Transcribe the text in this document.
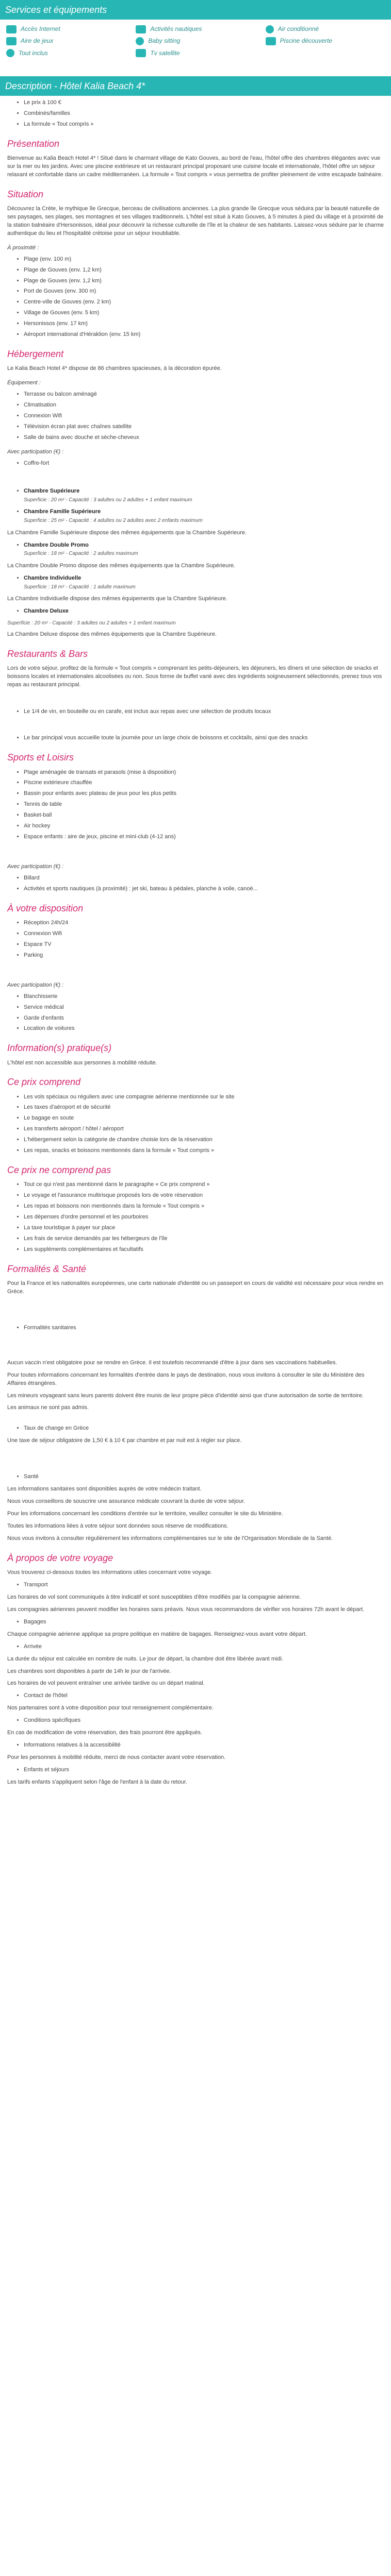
Services et équipements
Accès Internet	Activités nautiques	Air conditionné
Aire de jeux	Baby sitting	Piscine découverte
Tout inclus	Tv satellite
Description - Hôtel Kalia Beach 4*
• Le prix à 100 €
• Combinés/familles
• La formule « Tout compris »
Présentation

Bienvenue au Kalia Beach Hotel 4* ! Situé dans le charmant village de Kato Gouves, au bord de l'eau, l'hôtel offre des chambres élégantes avec vue sur la mer ou les jardins. Avec une piscine extérieure et un restaurant principal proposant une cuisine locale et internationale, l'hôtel offre un séjour relaxant et confortable dans un cadre méditerranéen. La formule « Tout compris » vous permettra de profiter pleinement de votre escapade balnéaire.

Situation

Découvrez la Crète, le mythique île Grecque, berceau de civilisations anciennes. La plus grande île Grecque vous séduira par la beauté naturelle de ses paysages, ses plages, ses montagnes et ses villages traditionnels. L'hôtel est situé à Kato Gouves, à 5 minutes à pied du village et à proximité de la station balnéaire d'Hersonissos, idéal pour découvrir la richesse culturelle de l'île et la chaleur de ses habitants. Laissez-vous séduire par le charme authentique du lieu et l'hospitalité crétoise pour un séjour inoubliable.

À proximité :
• Plage (env. 100 m)
• Plage de Gouves (env. 1,2 km)
• Plage de Gouves (env. 1,2 km)
• Port de Gouves (env. 300 m)
• Centre-ville de Gouves (env. 2 km)
• Village de Gouves (env. 5 km)
• Hersonissos (env. 17 km)
• Aéroport international d'Héraklion (env. 15 km)
Hébergement

Le Kalia Beach Hotel 4* dispose de 86 chambres spacieuses, à la décoration épurée.

Équipement :
• Terrasse ou balcon aménagé
• Climatisation
• Connexion Wifi
• Télévision écran plat avec chaînes satellite
• Salle de bains avec douche et sèche-cheveux
Avec participation (€) :
• Coffre-fort
• Chambre Supérieure
Superficie : 20 m² - Capacité : 3 adultes ou 2 adultes + 1 enfant maximum
• Chambre Famille Supérieure
Superficie : 25 m² - Capacité : 4 adultes ou 2 adultes avec 2 enfants maximum

La Chambre Famille Supérieure dispose des mêmes équipements que la Chambre Supérieure.

• Chambre Double Promo
Superficie : 18 m² - Capacité : 2 adultes maximum

La Chambre Double Promo dispose des mêmes équipements que la Chambre Supérieure.

• Chambre Individuelle
Superficie : 18 m² - Capacité : 1 adulte maximum

La Chambre Individuelle dispose des mêmes équipements que la Chambre Supérieure.

• Chambre Deluxe
Superficie : 20 m² - Capacité : 3 adultes ou 2 adultes + 1 enfant maximum

La Chambre Deluxe dispose des mêmes équipements que la Chambre Supérieure.

Restaurants & Bars

Lors de votre séjour, profitez de la formule « Tout compris » comprenant les petits-déjeuners, les déjeuners, les dîners et une sélection de snacks et boissons locales et internationales alcoolisées ou non. Sous forme de buffet varié avec des ingrédients soigneusement sélectionnés, prenez tous vos repas au restaurant principal.

• Le 1/4 de vin, en bouteille ou en carafe, est inclus aux repas avec une sélection de produits locaux
• Le bar principal vous accueille toute la journée pour un large choix de boissons et cocktails, ainsi que des snacks
Sports et Loisirs
• Plage aménagée de transats et parasols (mise à disposition)
• Piscine extérieure chauffée
• Bassin pour enfants avec plateau de jeux pour les plus petits
• Tennis de table
• Basket-ball
• Air hockey
• Espace enfants : aire de jeux, piscine et mini-club (4-12 ans)
Avec participation (€) :
• Billard
• Activités et sports nautiques (à proximité) : jet ski, bateau à pédales, planche à voile, canoë...
À votre disposition
• Réception 24h/24
• Connexion Wifi
• Espace TV
• Parking
Avec participation (€) :
• Blanchisserie
• Service médical
• Garde d'enfants
• Location de voitures
Information(s) pratique(s)

L'hôtel est non accessible aux personnes à mobilité réduite.

Ce prix comprend
• Les vols spéciaux ou réguliers avec une compagnie aérienne mentionnée sur le site
• Les taxes d'aéroport et de sécurité
• Le bagage en soute
• Les transferts aéroport / hôtel / aéroport
• L'hébergement selon la catégorie de chambre choisie lors de la réservation
• Les repas, snacks et boissons mentionnés dans la formule « Tout compris »
Ce prix ne comprend pas
• Tout ce qui n'est pas mentionné dans le paragraphe « Ce prix comprend »
• Le voyage et l'assurance multirisque proposés lors de votre réservation
• Les repas et boissons non mentionnés dans la formule « Tout compris »
• Les dépenses d'ordre personnel et les pourboires
• La taxe touristique à payer sur place
• Les frais de service demandés par les hébergeurs de l'île
• Les suppléments complémentaires et facultatifs
Formalités & Santé

Pour la France et les nationalités européennes, une carte nationale d'identité ou un passeport en cours de validité est nécessaire pour vous rendre en Grèce.

• Formalités sanitaires

Aucun vaccin n'est obligatoire pour se rendre en Grèce. Il est toutefois recommandé d'être à jour dans ses vaccinations habituelles.

Pour toutes informations concernant les formalités d'entrée dans le pays de destination, nous vous invitons à consulter le site du Ministère des Affaires étrangères.

Les mineurs voyageant sans leurs parents doivent être munis de leur propre pièce d'identité ainsi que d'une autorisation de sortie de territoire.

Les animaux ne sont pas admis.

• Taux de change en Grèce

Une taxe de séjour obligatoire de 1,50 € à 10 € par chambre et par nuit est à régler sur place.

• Santé

Les informations sanitaires sont disponibles auprès de votre médecin traitant.

Nous vous conseillons de souscrire une assurance médicale couvrant la durée de votre séjour.

Pour les informations concernant les conditions d'entrée sur le territoire, veuillez consulter le site du Ministère.

Toutes les informations liées à votre séjour sont données sous réserve de modifications.

Nous vous invitons à consulter régulièrement les informations complémentaires sur le site de l'Organisation Mondiale de la Santé.

À propos de votre voyage

Vous trouverez ci-dessous toutes les informations utiles concernant votre voyage.

• Transport

Les horaires de vol sont communiqués à titre indicatif et sont susceptibles d'être modifiés par la compagnie aérienne.

Les compagnies aériennes peuvent modifier les horaires sans préavis. Nous vous recommandons de vérifier vos horaires 72h avant le départ.

• Bagages

Chaque compagnie aérienne applique sa propre politique en matière de bagages. Renseignez-vous avant votre départ.

• Arrivée

La durée du séjour est calculée en nombre de nuits. Le jour de départ, la chambre doit être libérée avant midi.

Les chambres sont disponibles à partir de 14h le jour de l'arrivée.

Les horaires de vol peuvent entraîner une arrivée tardive ou un départ matinal.

• Contact de l'hôtel

Nos partenaires sont à votre disposition pour tout renseignement complémentaire.

• Conditions spécifiques

En cas de modification de votre réservation, des frais pourront être appliqués.

• Informations relatives à la accessibilité

Pour les personnes à mobilité réduite, merci de nous contacter avant votre réservation.

• Enfants et séjours

Les tarifs enfants s'appliquent selon l'âge de l'enfant à la date du retour.
